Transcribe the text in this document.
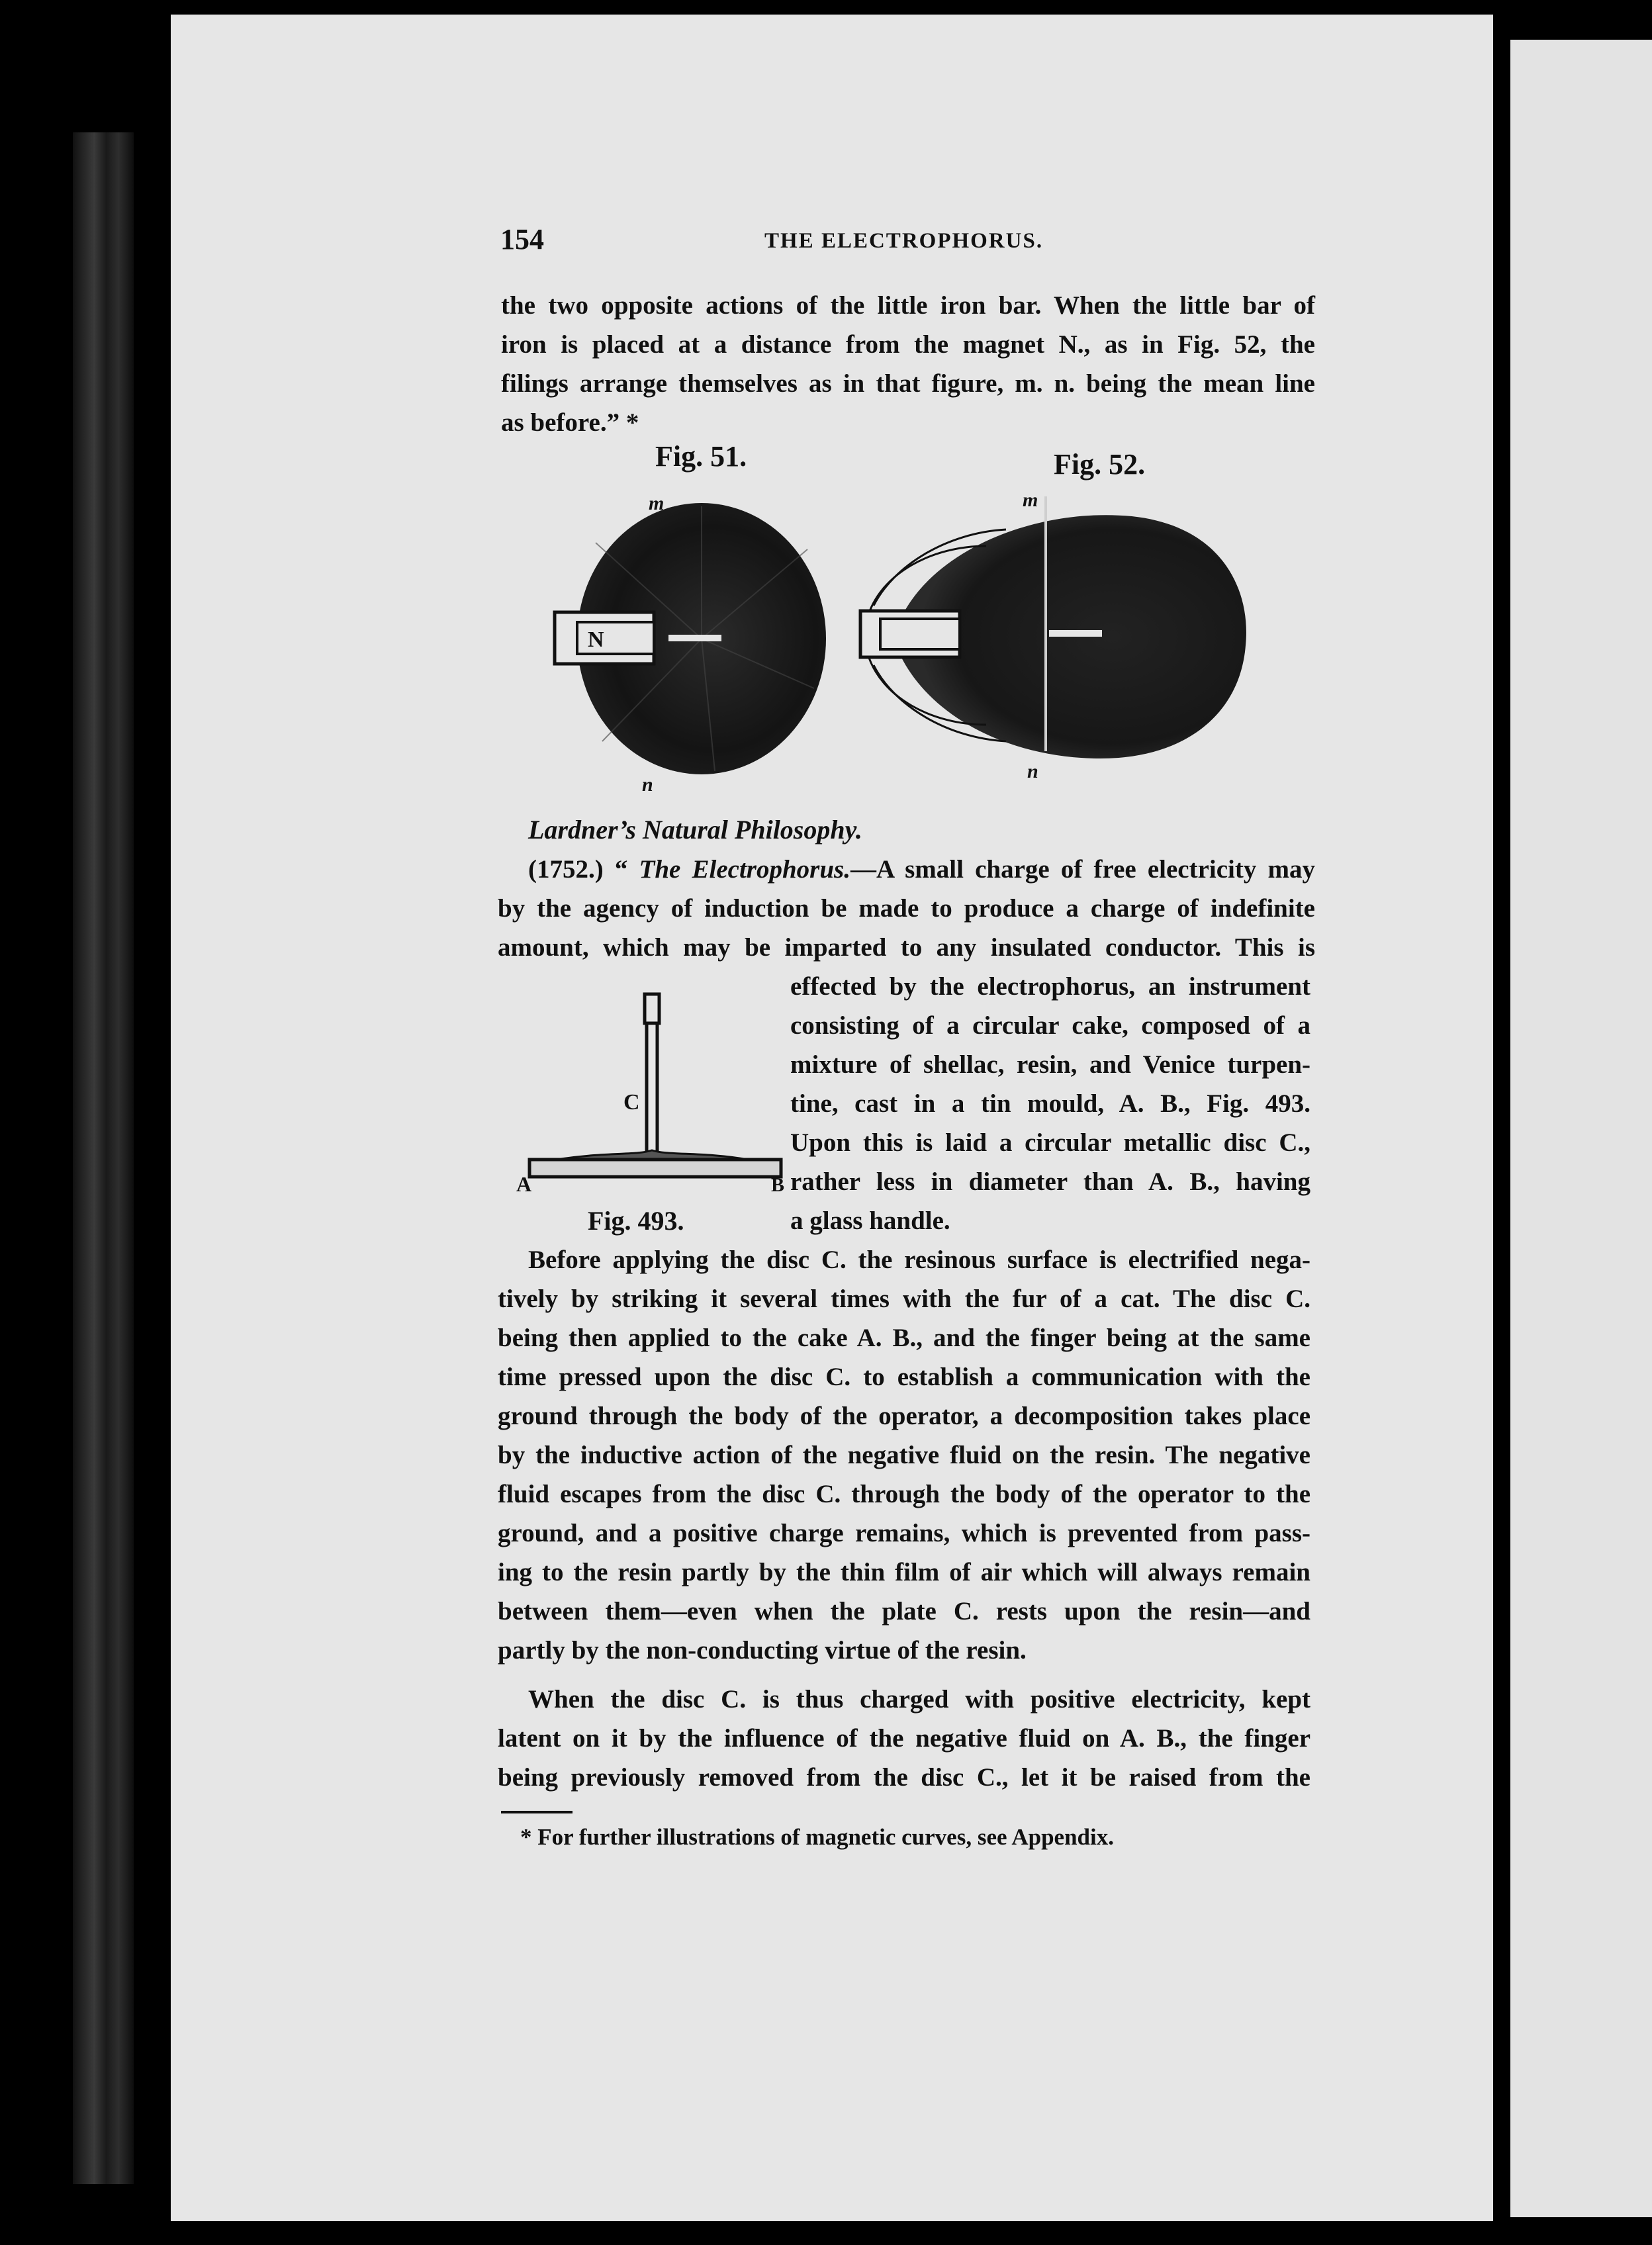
154	THE ELECTROPHORUS.
the two opposite actions of the little iron bar. When the little bar of
iron is placed at a distance from the magnet N., as in Fig. 52, the
filings arrange themselves as in that figure, m. n. being the mean line
as before.” *
Fig. 51.	Fig. 52.
N
m
n
m
n
Lardner’s Natural Philosophy.
(1752.) “ The Electrophorus.—A small charge of free electricity may
by the agency of induction be made to produce a charge of indefinite
amount, which may be imparted to any insulated conductor. This is
effected by the electrophorus, an instrument
consisting of a circular cake, composed of a
mixture of shellac, resin, and Venice turpen-
tine, cast in a tin mould, A. B., Fig. 493.
Upon this is laid a circular metallic disc C.,
rather less in diameter than A. B., having
a glass handle.
C
A	B
Fig. 493.
Before applying the disc C. the resinous surface is electrified nega-
tively by striking it several times with the fur of a cat. The disc C.
being then applied to the cake A. B., and the finger being at the same
time pressed upon the disc C. to establish a communication with the
ground through the body of the operator, a decomposition takes place
by the inductive action of the negative fluid on the resin. The negative
fluid escapes from the disc C. through the body of the operator to the
ground, and a positive charge remains, which is prevented from pass-
ing to the resin partly by the thin film of air which will always remain
between them—even when the plate C. rests upon the resin—and
partly by the non-conducting virtue of the resin.
When the disc C. is thus charged with positive electricity, kept
latent on it by the influence of the negative fluid on A. B., the finger
being previously removed from the disc C., let it be raised from the
* For further illustrations of magnetic curves, see Appendix.
